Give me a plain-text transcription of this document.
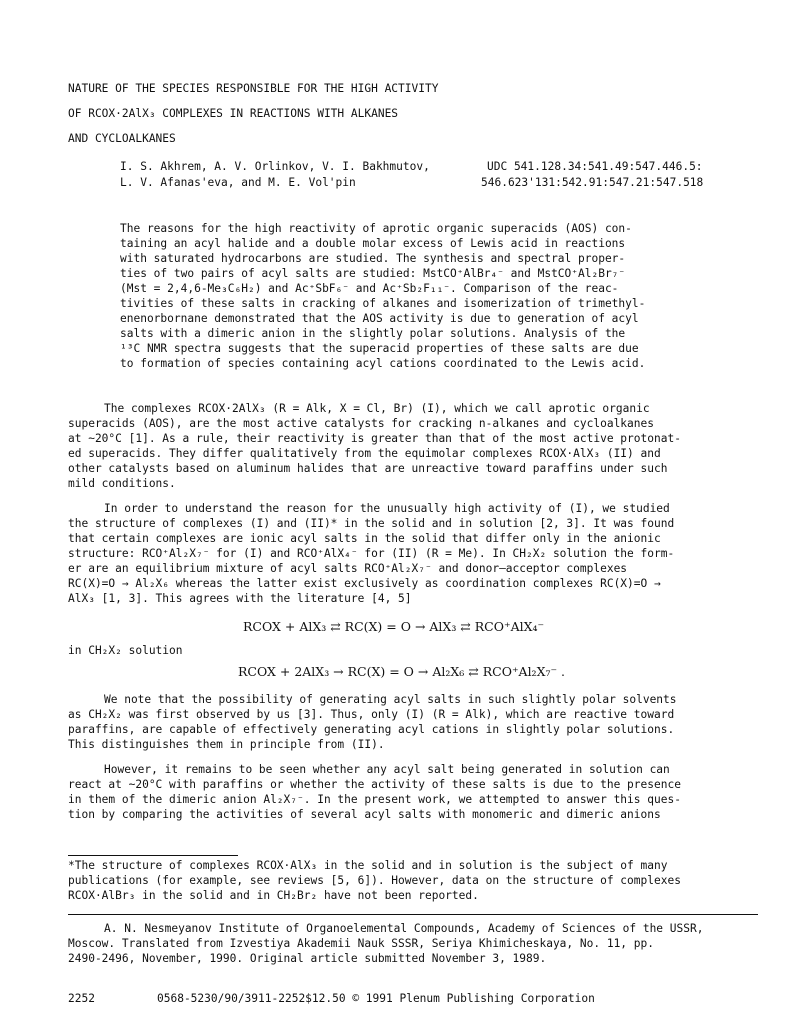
NATURE OF THE SPECIES RESPONSIBLE FOR THE HIGH ACTIVITY
OF RCOX·2AlX₃ COMPLEXES IN REACTIONS WITH ALKANES
AND CYCLOALKANES
I. S. Akhrem, A. V. Orlinkov, V. I. Bakhmutov,
L. V. Afanas'eva, and M. E. Vol'pin
UDC 541.128.34:541.49:547.446.5:
546.623'131:542.91:547.21:547.518
The reasons for the high reactivity of aprotic organic superacids (AOS) con-
taining an acyl halide and a double molar excess of Lewis acid in reactions
with saturated hydrocarbons are studied. The synthesis and spectral proper-
ties of two pairs of acyl salts are studied: MstCO⁺AlBr₄⁻ and MstCO⁺Al₂Br₇⁻
(Mst = 2,4,6-Me₃C₆H₂) and Ac⁺SbF₆⁻ and Ac⁺Sb₂F₁₁⁻. Comparison of the reac-
tivities of these salts in cracking of alkanes and isomerization of trimethyl-
enenorbornane demonstrated that the AOS activity is due to generation of acyl
salts with a dimeric anion in the slightly polar solutions. Analysis of the
¹³C NMR spectra suggests that the superacid properties of these salts are due
to formation of species containing acyl cations coordinated to the Lewis acid.
The complexes RCOX·2AlX₃ (R = Alk, X = Cl, Br) (I), which we call aprotic organic
superacids (AOS), are the most active catalysts for cracking n-alkanes and cycloalkanes
at ~20°C [1]. As a rule, their reactivity is greater than that of the most active protonat-
ed superacids. They differ qualitatively from the equimolar complexes RCOX·AlX₃ (II) and
other catalysts based on aluminum halides that are unreactive toward paraffins under such
mild conditions.
In order to understand the reason for the unusually high activity of (I), we studied
the structure of complexes (I) and (II)* in the solid and in solution [2, 3]. It was found
that certain complexes are ionic acyl salts in the solid that differ only in the anionic
structure: RCO⁺Al₂X₇⁻ for (I) and RCO⁺AlX₄⁻ for (II) (R = Me). In CH₂X₂ solution the form-
er are an equilibrium mixture of acyl salts RCO⁺Al₂X₇⁻ and donor–acceptor complexes
RC(X)=O → Al₂X₆ whereas the latter exist exclusively as coordination complexes RC(X)=O →
AlX₃ [1, 3]. This agrees with the literature [4, 5]
RCOX + AlX₃ ⇄ RC(X) = O → AlX₃ ⇄ RCO⁺AlX₄⁻
in CH₂X₂ solution
RCOX + 2AlX₃ → RC(X) = O → Al₂X₆ ⇄ RCO⁺Al₂X₇⁻ .
We note that the possibility of generating acyl salts in such slightly polar solvents
as CH₂X₂ was first observed by us [3]. Thus, only (I) (R = Alk), which are reactive toward
paraffins, are capable of effectively generating acyl cations in slightly polar solutions.
This distinguishes them in principle from (II).
However, it remains to be seen whether any acyl salt being generated in solution can
react at ~20°C with paraffins or whether the activity of these salts is due to the presence
in them of the dimeric anion Al₂X₇⁻. In the present work, we attempted to answer this ques-
tion by comparing the activities of several acyl salts with monomeric and dimeric anions
*The structure of complexes RCOX·AlX₃ in the solid and in solution is the subject of many
publications (for example, see reviews [5, 6]). However, data on the structure of complexes
RCOX·AlBr₃ in the solid and in CH₂Br₂ have not been reported.
A. N. Nesmeyanov Institute of Organoelemental Compounds, Academy of Sciences of the USSR,
Moscow. Translated from Izvestiya Akademii Nauk SSSR, Seriya Khimicheskaya, No. 11, pp.
2490-2496, November, 1990. Original article submitted November 3, 1989.
2252	0568-5230/90/3911-2252$12.50 © 1991 Plenum Publishing Corporation
